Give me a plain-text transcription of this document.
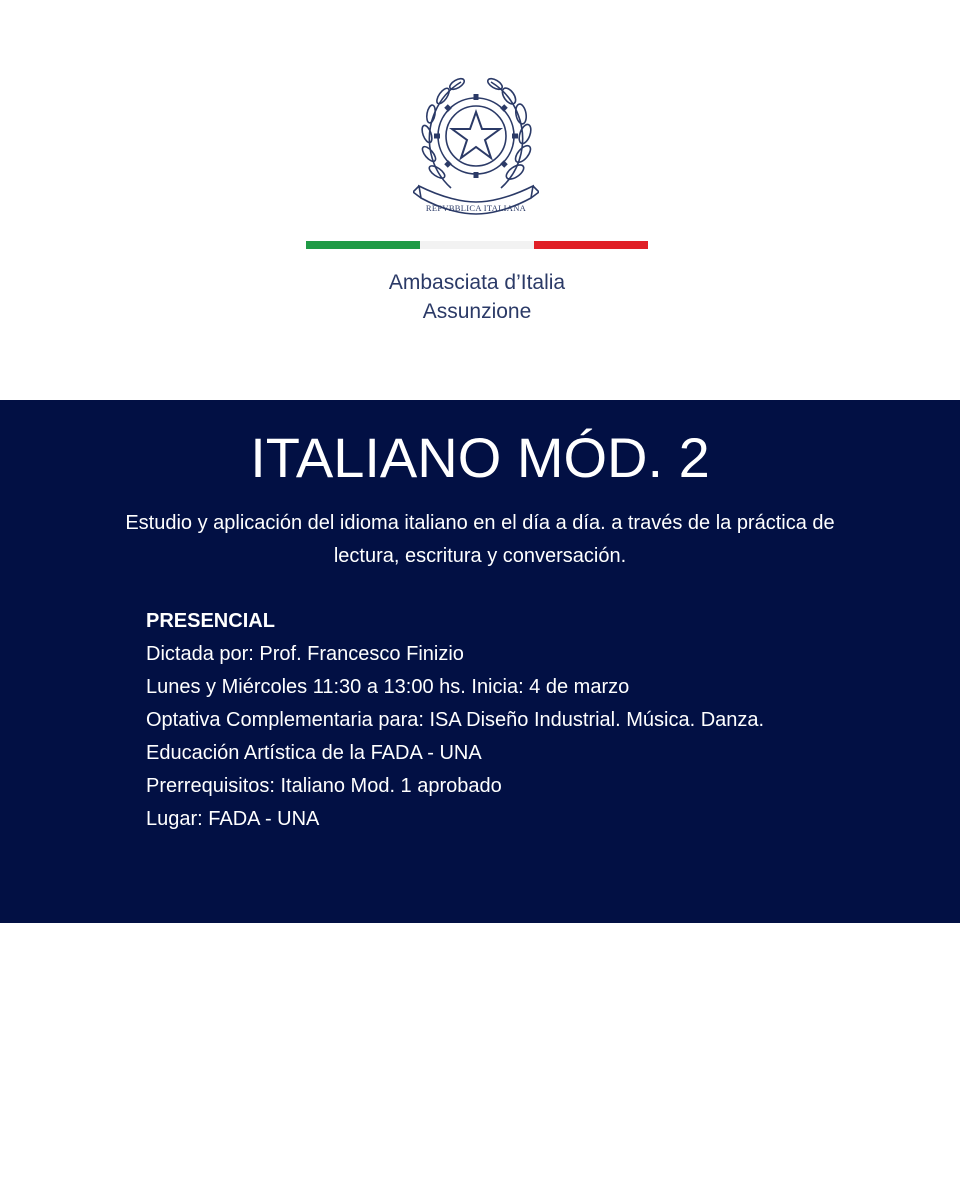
REPVBBLICA ITALIANA
Ambasciata d’Italia
Assunzione
ITALIANO MÓD. 2

Estudio y aplicación del idioma italiano en el día a día. a través de la práctica de lectura, escritura y conversación.

PRESENCIAL
Dictada por: Prof. Francesco Finizio
Lunes y Miércoles 11:30 a 13:00 hs. Inicia: 4 de marzo
Optativa Complementaria para: ISA Diseño Industrial. Música. Danza.
Educación Artística de la FADA - UNA
Prerrequisitos: Italiano Mod. 1 aprobado
Lugar: FADA - UNA
